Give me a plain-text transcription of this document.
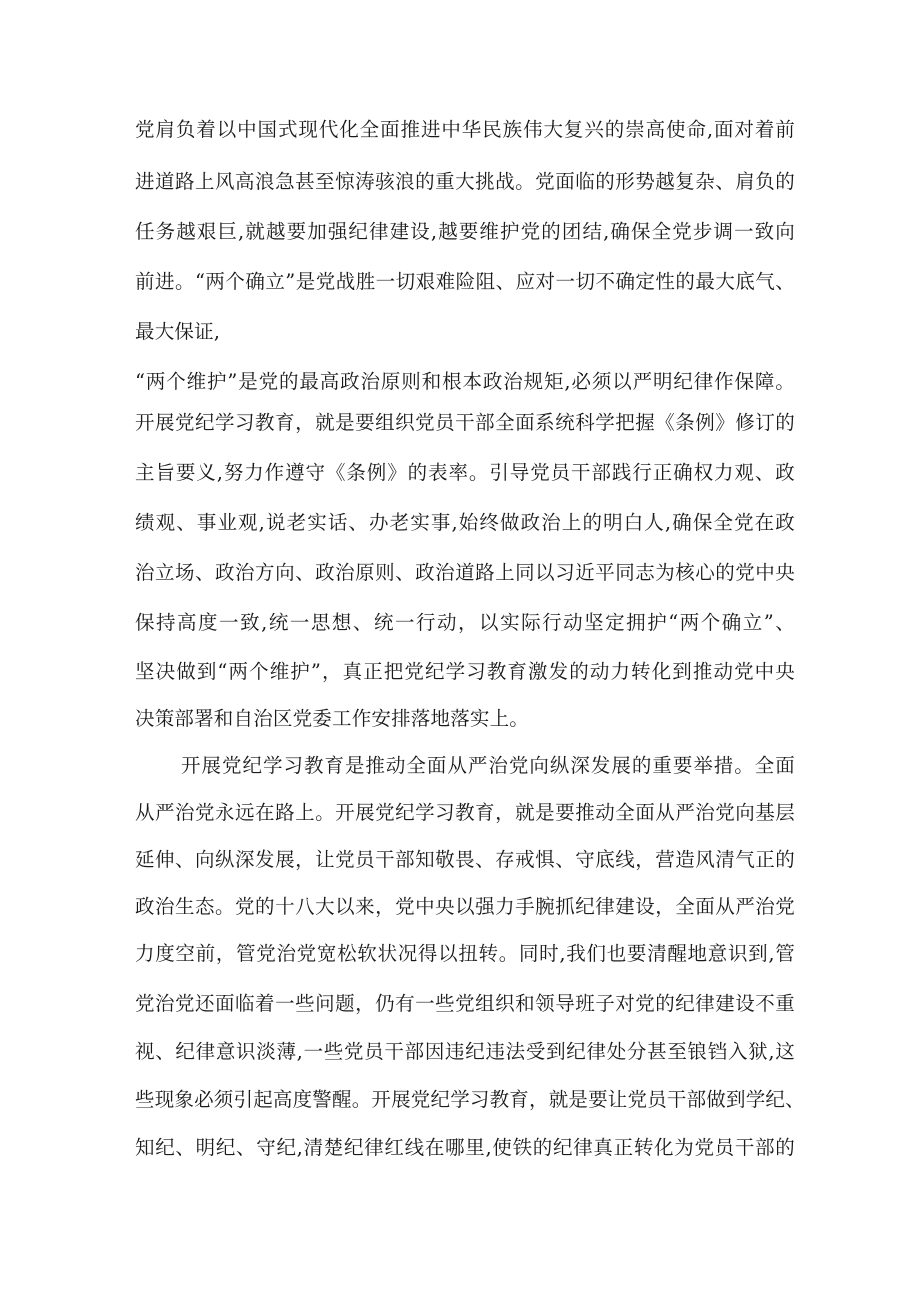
党肩负着以中国式现代化全面推进中华民族伟大复兴的崇高使命,面对着前
进道路上风高浪急甚至惊涛骇浪的重大挑战。党面临的形势越复杂、肩负的
任务越艰巨,就越要加强纪律建设,越要维护党的团结,确保全党步调一致向
前进。“两个确立”是党战胜一切艰难险阻、应对一切不确定性的最大底气、
最大保证,
“两个维护”是党的最高政治原则和根本政治规矩,必须以严明纪律作保障。
开展党纪学习教育，就是要组织党员干部全面系统科学把握《条例》修订的
主旨要义,努力作遵守《条例》的表率。引导党员干部践行正确权力观、政
绩观、事业观,说老实话、办老实事,始终做政治上的明白人,确保全党在政
治立场、政治方向、政治原则、政治道路上同以习近平同志为核心的党中央
保持高度一致,统一思想、统一行动，以实际行动坚定拥护“两个确立”、
坚决做到“两个维护”，真正把党纪学习教育激发的动力转化到推动党中央
决策部署和自治区党委工作安排落地落实上。
开展党纪学习教育是推动全面从严治党向纵深发展的重要举措。全面
从严治党永远在路上。开展党纪学习教育，就是要推动全面从严治党向基层
延伸、向纵深发展，让党员干部知敬畏、存戒惧、守底线，营造风清气正的
政治生态。党的十八大以来，党中央以强力手腕抓纪律建设，全面从严治党
力度空前，管党治党宽松软状况得以扭转。同时,我们也要清醒地意识到,管
党治党还面临着一些问题，仍有一些党组织和领导班子对党的纪律建设不重
视、纪律意识淡薄,一些党员干部因违纪违法受到纪律处分甚至锒铛入狱,这
些现象必须引起高度警醒。开展党纪学习教育，就是要让党员干部做到学纪、
知纪、明纪、守纪,清楚纪律红线在哪里,使铁的纪律真正转化为党员干部的
